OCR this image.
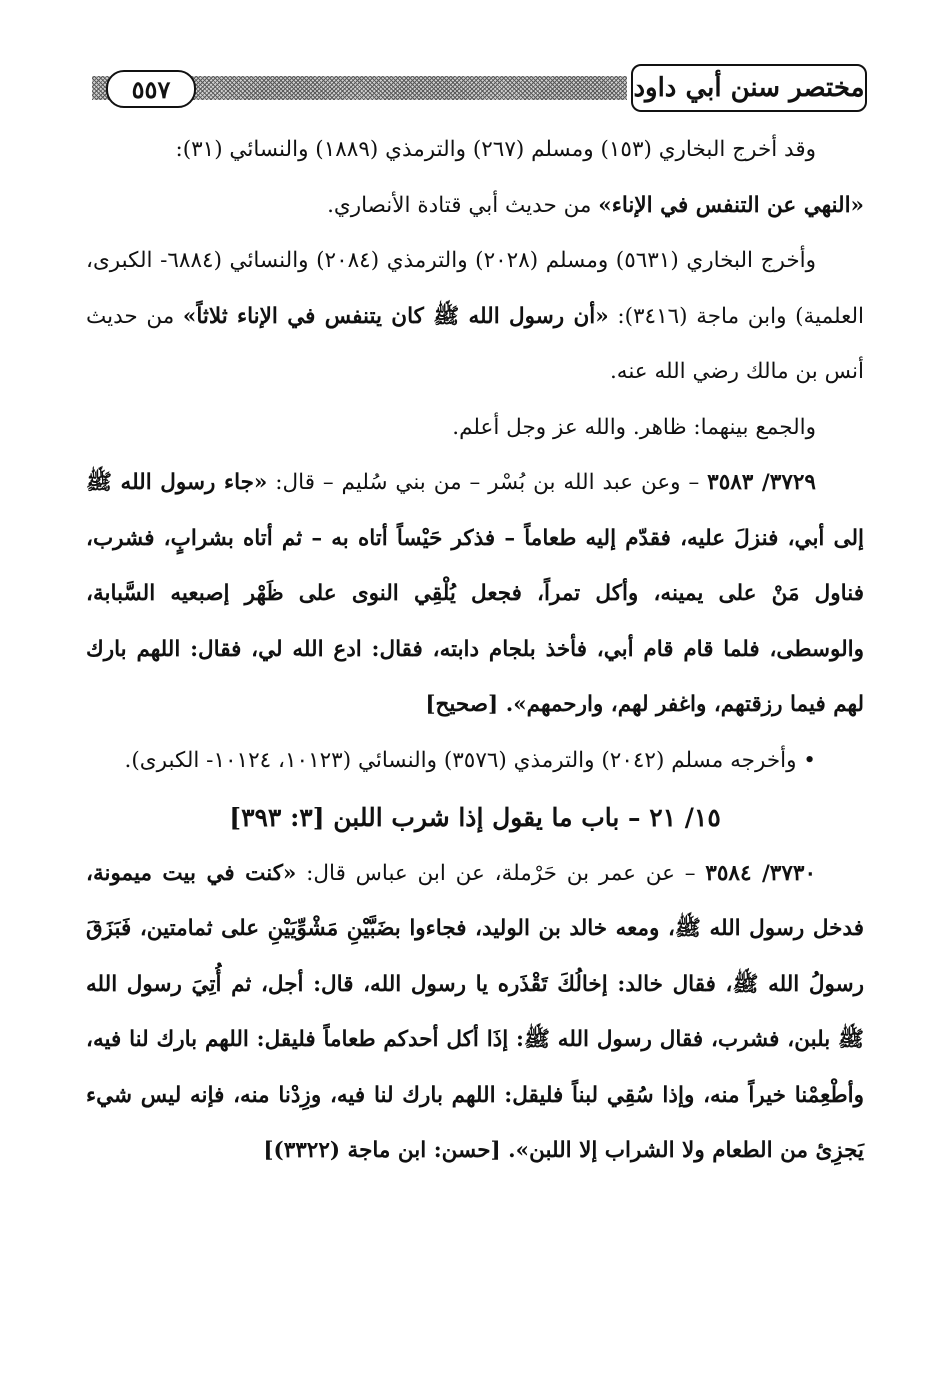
٥٥٧	مختصر سنن أبي داود

وقد أخرج البخاري (١٥٣) ومسلم (٢٦٧) والترمذي (١٨٨٩) والنسائي (٣١):

«النهي عن التنفس في الإناء» من حديث أبي قتادة الأنصاري.

وأخرج البخاري (٥٦٣١) ومسلم (٢٠٢٨) والترمذي (٢٠٨٤) والنسائي (٦٨٨٤- الكبرى، العلمية) وابن ماجة (٣٤١٦): «أن رسول الله ﷺ كان يتنفس في الإناء ثلاثاً» من حديث أنس بن مالك رضي الله عنه.

والجمع بينهما: ظاهر. والله عز وجل أعلم.

٣٧٢٩/ ٣٥٨٣ – وعن عبد الله بن بُسْر – من بني سُليم – قال: «جاء رسول الله ﷺ إلى أبي، فنزلَ عليه، فقدّم إليه طعاماً – فذكر حَيْساً أتاه به – ثم أتاه بشرابٍ، فشرب، فناول مَنْ على يمينه، وأكل تمراً، فجعل يُلْقِي النوى على ظَهْر إصبعيه السَّبابة، والوسطى، فلما قام قام أبي، فأخذ بلجام دابته، فقال: ادع الله لي، فقال: اللهم بارك لهم فيما رزقتهم، واغفر لهم، وارحمهم». [صحيح]

• وأخرجه مسلم (٢٠٤٢) والترمذي (٣٥٧٦) والنسائي (١٠١٢٣، ١٠١٢٤- الكبرى).

١٥/ ٢١ – باب ما يقول إذا شرب اللبن [٣: ٣٩٣]

٣٧٣٠/ ٣٥٨٤ – عن عمر بن حَرْملة، عن ابن عباس قال: «كنت في بيت ميمونة، فدخل رسول الله ﷺ، ومعه خالد بن الوليد، فجاءوا بضَبَّيْنِ مَشْوِّيَيْنِ على ثمامتين، فَبَزَقَ رسولُ الله ﷺ، فقال خالد: إخالُكَ تَقْذَره يا رسول الله، قال: أجل، ثم أُتِيَ رسول الله ﷺ بلبن، فشرب، فقال رسول الله ﷺ: إذَا أكل أحدكم طعاماً فليقل: اللهم بارك لنا فيه، وأطْعِمْنا خيراً منه، وإذا سُقِي لبناً فليقل: اللهم بارك لنا فيه، وزِدْنا منه، فإنه ليس شيء يَجزِئ من الطعام ولا الشراب إلا اللبن». [حسن: ابن ماجة (٣٣٢٢)]
